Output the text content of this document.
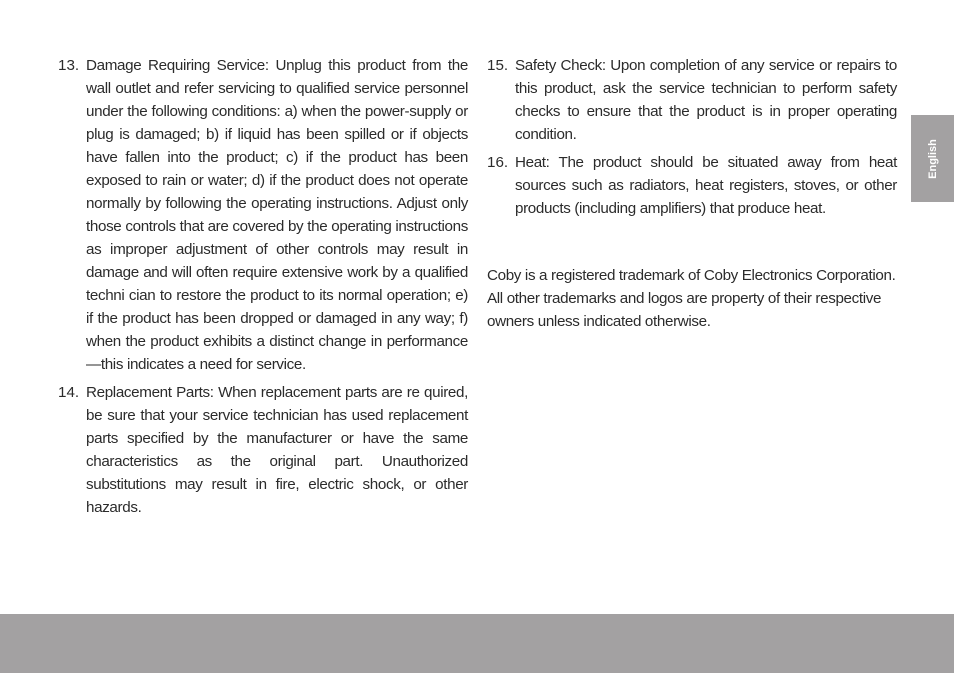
13. Damage Requiring Service: Unplug this product from the wall outlet and refer servicing to qualified service personnel under the following conditions: a) when the power-supply or plug is damaged; b) if liquid has been spilled or if objects have fallen into the product; c) if the product has been exposed to rain or water; d) if the product does not operate normally by following the operating instructions. Adjust only those controls that are covered by the operating instructions as improper adjustment of other controls may result in damage and will often require extensive work by a qualified techni cian to restore the product to its normal operation; e) if the product has been dropped or damaged in any way; f) when the product exhibits a distinct change in performance—this indicates a need for service.
14. Replacement Parts: When replacement parts are re quired, be sure that your service technician has used replacement parts specified by the manufacturer or have the same characteristics as the original part. Unauthorized substitutions may result in fire, electric shock, or other hazards.
15. Safety Check: Upon completion of any service or repairs to this product, ask the service technician to perform safety checks to ensure that the product is in proper operating condition.
16. Heat: The product should be situated away from heat sources such as radiators, heat registers, stoves, or other products (including amplifiers) that produce heat.
Coby is a registered trademark of Coby Electronics Corporation. All other trademarks and logos are property of their respective owners unless indicated otherwise.
English
